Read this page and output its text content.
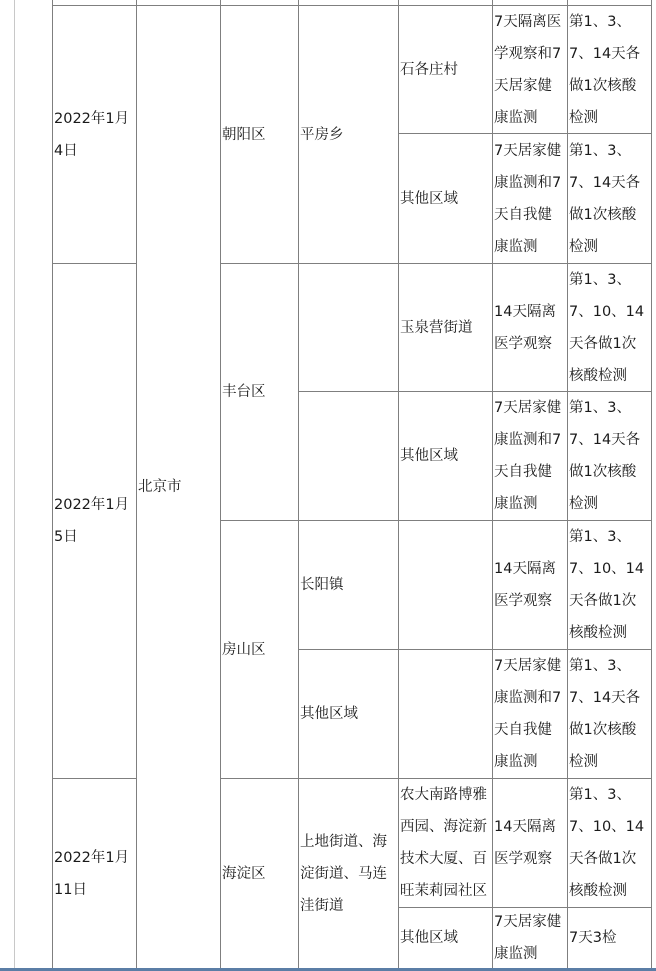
2022年1月4日
2022年1月5日
2022年1月11日
北京市
朝阳区
丰台区
房山区
海淀区
平房乡
长阳镇
其他区域
上地街道、海淀街道、马连洼街道
石各庄村
其他区域
玉泉营街道
其他区域
农大南路博雅西园、海淀新技术大厦、百旺茉莉园社区
其他区域
7天隔离医学观察和7天居家健康监测
7天居家健康监测和7天自我健康监测
14天隔离医学观察
7天居家健康监测和7天自我健康监测
14天隔离医学观察
7天居家健康监测和7天自我健康监测
14天隔离医学观察
7天居家健康监测
第1、3、7、14天各做1次核酸检测
第1、3、7、14天各做1次核酸检测
第1、3、7、10、14天各做1次核酸检测
第1、3、7、14天各做1次核酸检测
第1、3、7、10、14天各做1次核酸检测
第1、3、7、14天各做1次核酸检测
第1、3、7、10、14天各做1次核酸检测
7天3检
